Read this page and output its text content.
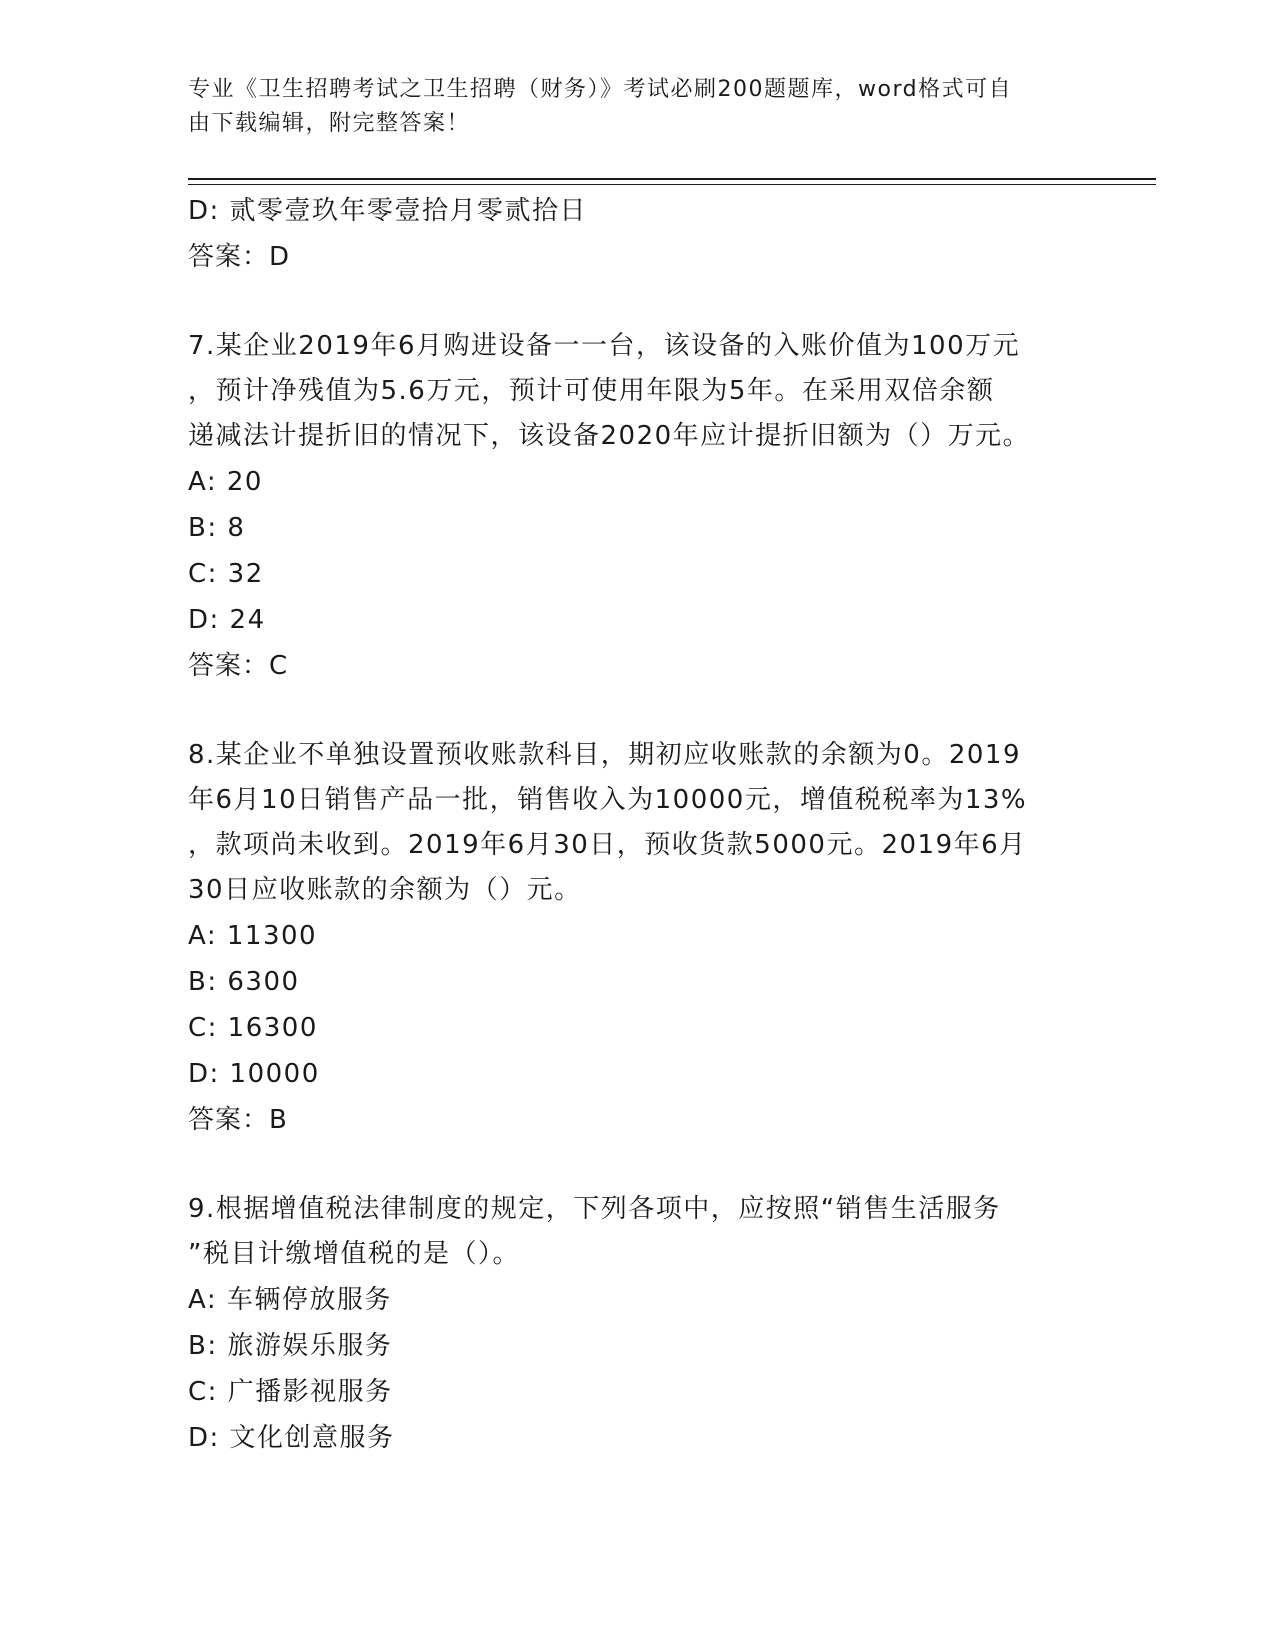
专业《卫生招聘考试之卫生招聘（财务）》考试必刷200题题库，word格式可自
由下载编辑，附完整答案！
D: 贰零壹玖年零壹拾月零贰拾日
答案：D
7.某企业2019年6月购进设备一一台，该设备的入账价值为100万元
，预计净残值为5.6万元，预计可使用年限为5年。在采用双倍余额
递减法计提折旧的情况下，该设备2020年应计提折旧额为（）万元。
A: 20
B: 8
C: 32
D: 24
答案：C
8.某企业不单独设置预收账款科目，期初应收账款的余额为0。2019
年6月10日销售产品一批，销售收入为10000元，增值税税率为13%
，款项尚未收到。2019年6月30日，预收货款5000元。2019年6月
30日应收账款的余额为（）元。
A: 11300
B: 6300
C: 16300
D: 10000
答案：B
9.根据增值税法律制度的规定，下列各项中，应按照“销售生活服务
”税目计缴增值税的是（）。
A: 车辆停放服务
B: 旅游娱乐服务
C: 广播影视服务
D: 文化创意服务
